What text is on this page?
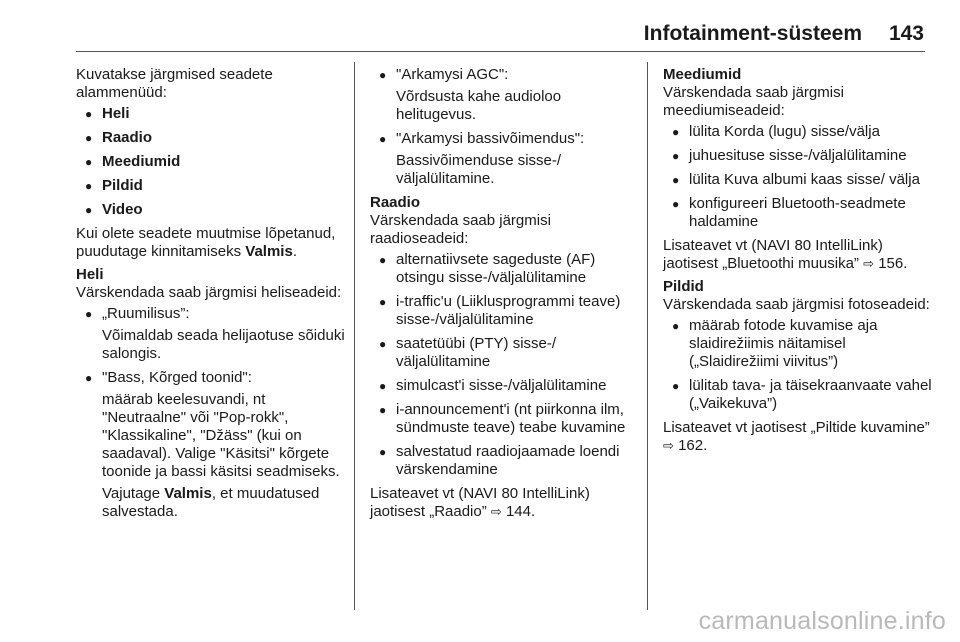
Infotainment-süsteem 143

Kuvatakse järgmised seadete alammenüüd:

● Heli
● Raadio
● Meediumid
● Pildid
● Video

Kui olete seadete muutmise lõpetanud, puudutage kinnitamiseks Valmis.

Heli

Värskendada saab järgmisi heliseadeid:

● „Ruumilisus”:
Võimaldab seada helijaotuse sõiduki salongis.
● "Bass, Kõrged toonid":
määrab keelesuvandi, nt "Neutraalne" või "Pop-rokk", "Klassikaline", "Džäss" (kui on saadaval). Valige "Käsitsi" kõrgete toonide ja bassi käsitsi seadmiseks.
Vajutage Valmis, et muudatused salvestada.
● "Arkamysi AGC":
Võrdsusta kahe audioloo helitugevus.
● "Arkamysi bassivõimendus":
Bassivõimenduse sisse-/ väljalülitamine.
Raadio

Värskendada saab järgmisi raadioseadeid:

● alternatiivsete sageduste (AF) otsingu sisse-/väljalülitamine
● i-traffic'u (Liiklusprogrammi teave) sisse-/väljalülitamine
● saatetüübi (PTY) sisse-/ väljalülitamine
● simulcast'i sisse-/väljalülitamine
● i-announcement'i (nt piirkonna ilm, sündmuste teave) teabe kuvamine
● salvestatud raadiojaamade loendi värskendamine

Lisateavet vt (NAVI 80 IntelliLink) jaotisest „Raadio” ⇨ 144.

Meediumid

Värskendada saab järgmisi meediumiseadeid:

● lülita Korda (lugu) sisse/välja
● juhuesituse sisse-/väljalülitamine
● lülita Kuva albumi kaas sisse/ välja
● konfigureeri Bluetooth-seadmete haldamine

Lisateavet vt (NAVI 80 IntelliLink) jaotisest „Bluetoothi muusika” ⇨ 156.

Pildid

Värskendada saab järgmisi fotoseadeid:

● määrab fotode kuvamise aja slaidirežiimis näitamisel („Slaidirežiimi viivitus”)
● lülitab tava- ja täisekraanvaate vahel („Vaikekuva”)

Lisateavet vt jaotisest „Piltide kuvamine” ⇨ 162.

carmanualsonline.info
